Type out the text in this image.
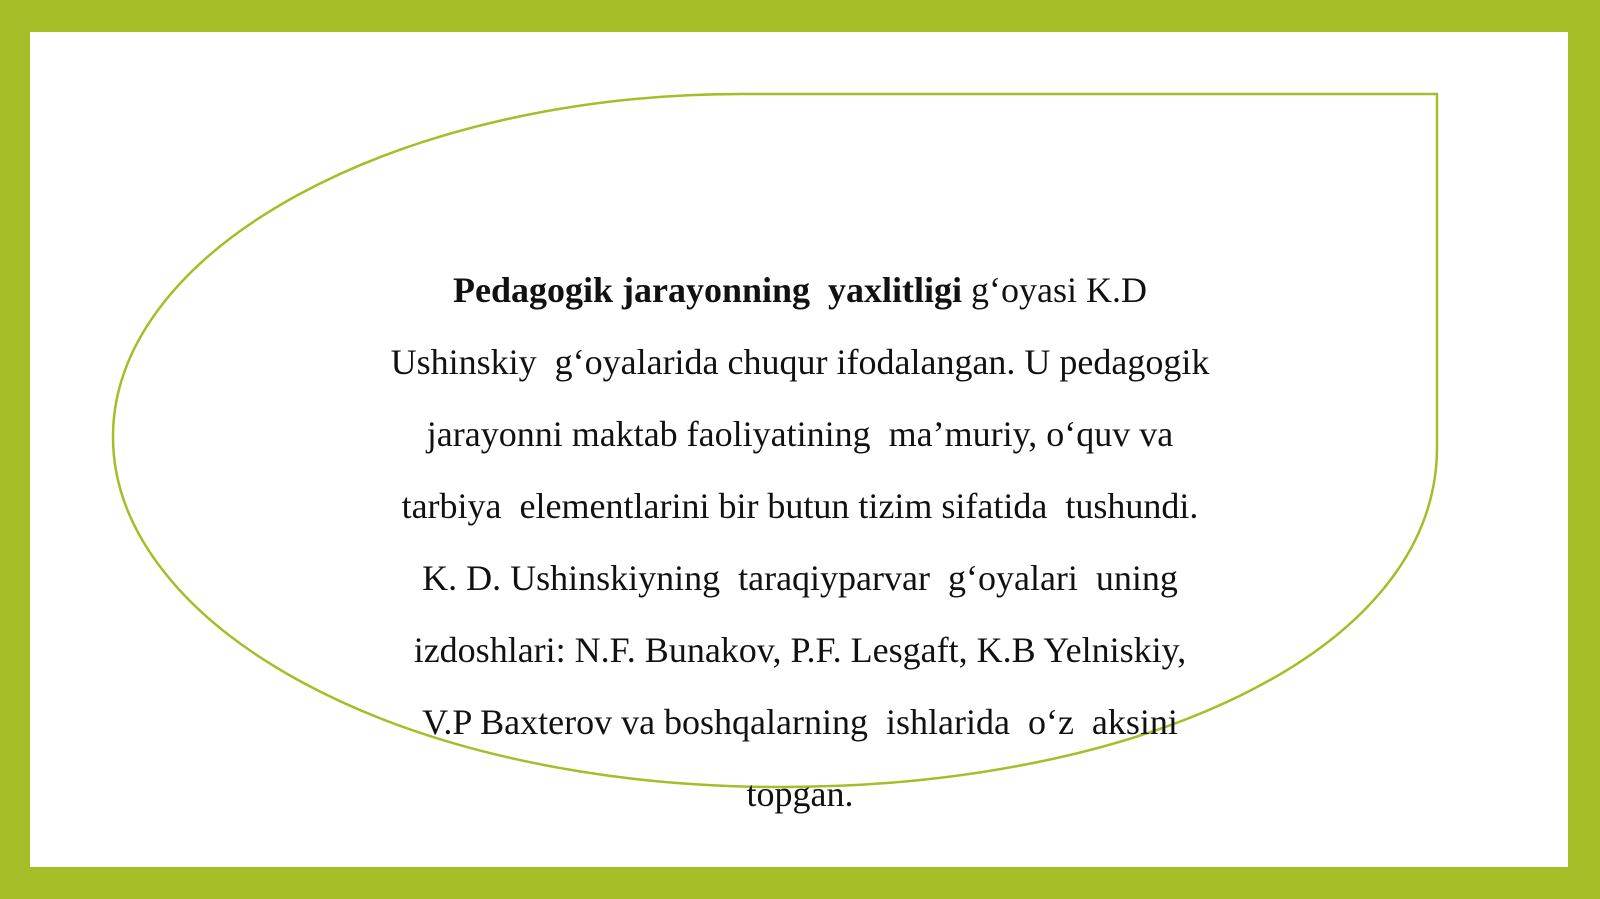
Pedagogik jarayonning  yaxlitligi g‘oyasi K.D

Ushinskiy  g‘oyalarida chuqur ifodalangan. U pedagogik

jarayonni maktab faoliyatining  ma’muriy, o‘quv va

tarbiya  elementlarini bir butun tizim sifatida  tushundi.

K. D. Ushinskiyning  taraqiyparvar  g‘oyalari  uning

izdoshlari: N.F. Bunakov, P.F. Lesgaft, K.B Yelniskiy,

V.P Baxterov va boshqalarning  ishlarida  o‘z  aksini

topgan.
